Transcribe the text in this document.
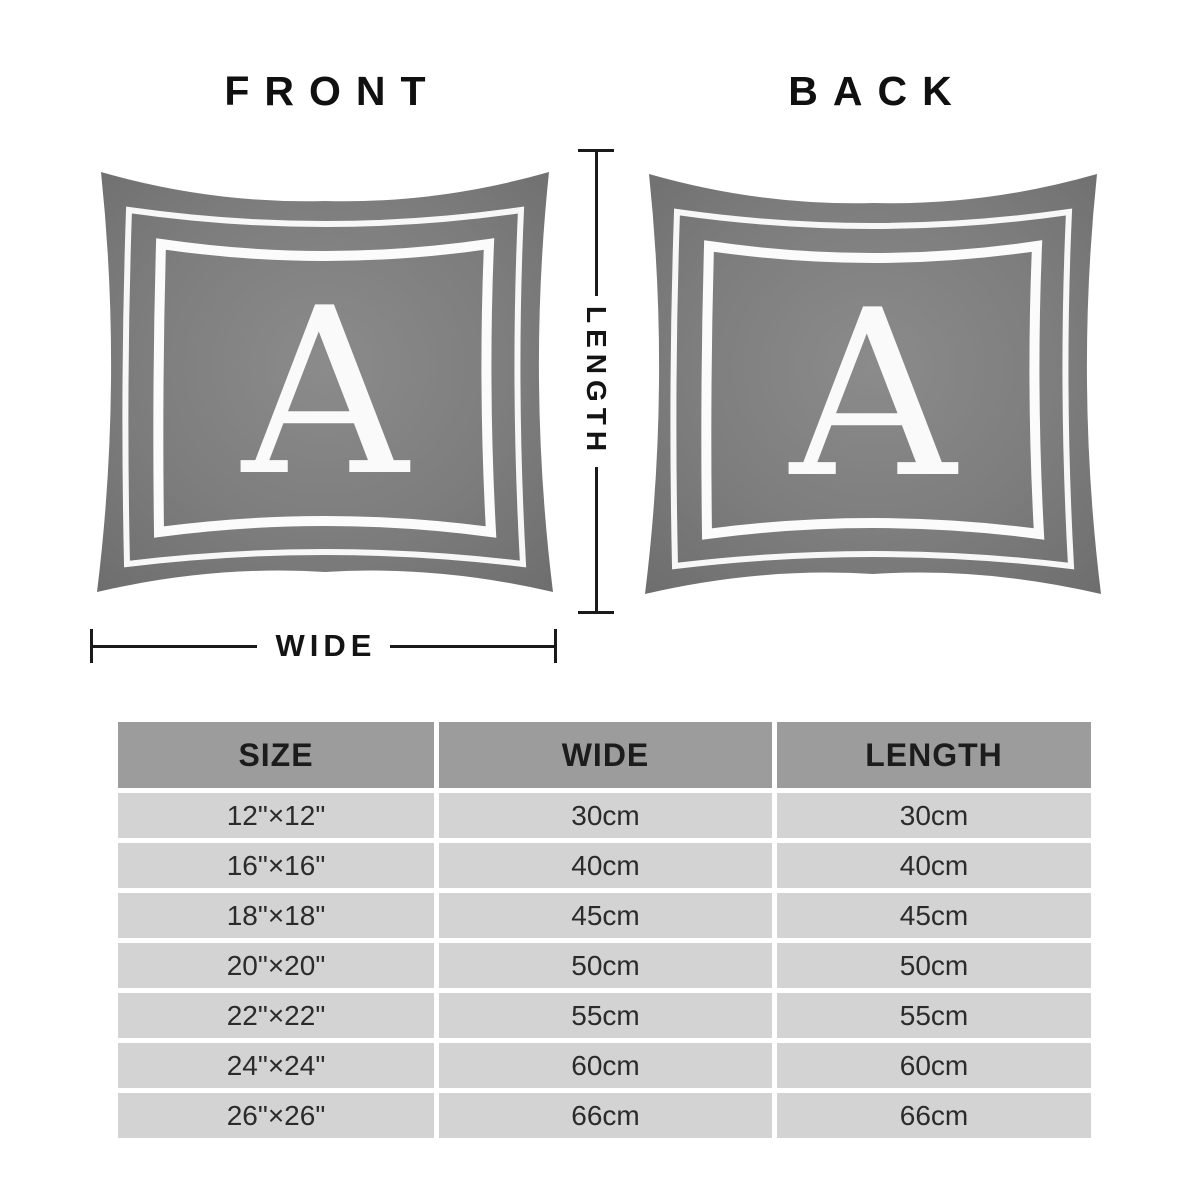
FRONT	BACK
A A
LENGTH
WIDE
SIZE	WIDE	LENGTH
12"×12"	30cm	30cm
16"×16"	40cm	40cm
18"×18"	45cm	45cm
20"×20"	50cm	50cm
22"×22"	55cm	55cm
24"×24"	60cm	60cm
26"×26"	66cm	66cm
